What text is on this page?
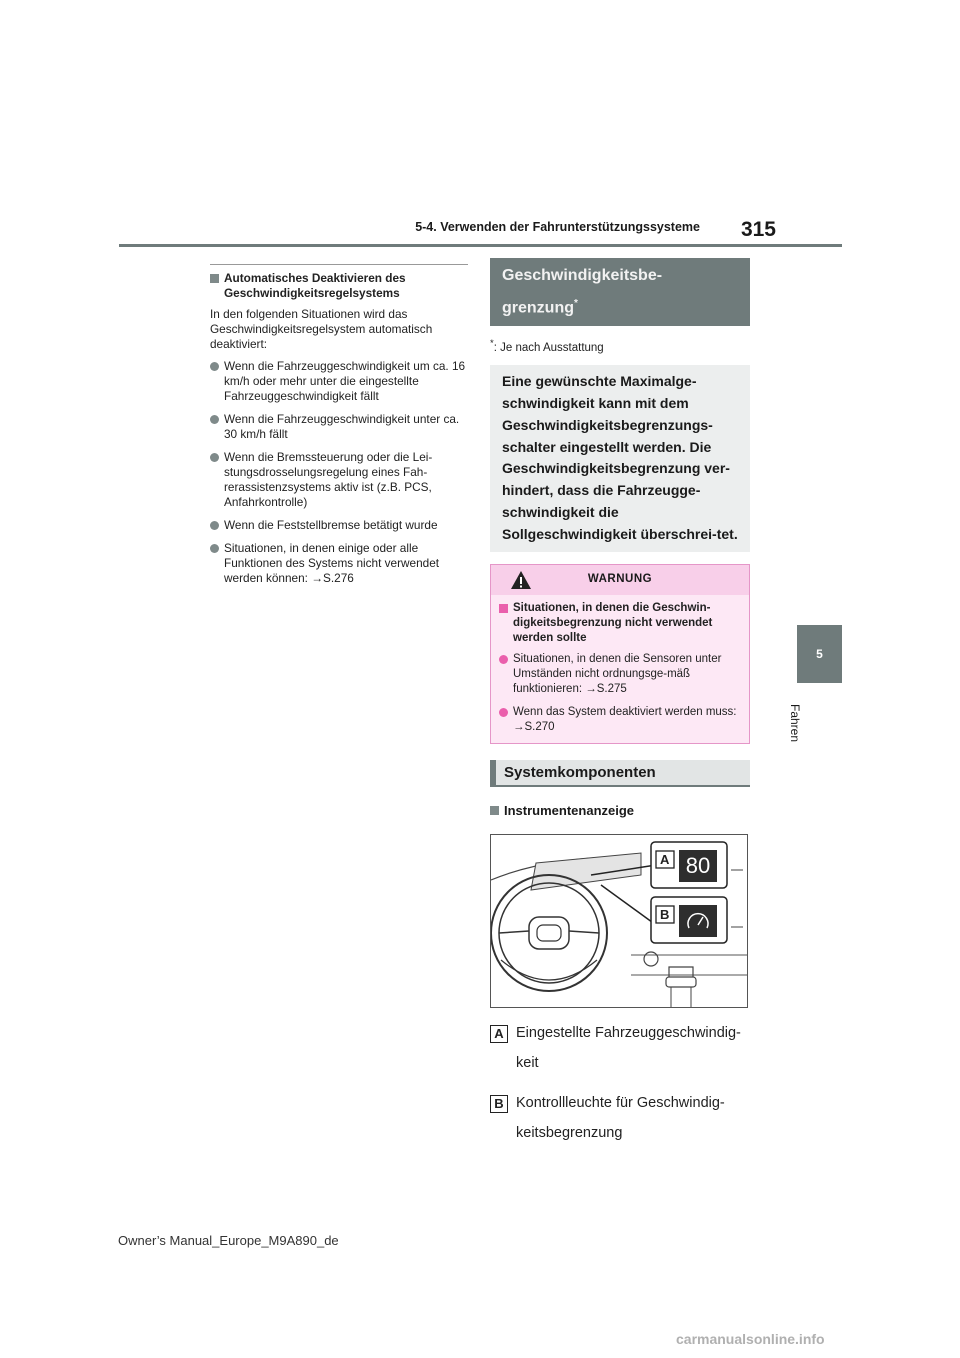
5-4. Verwenden der Fahrunterstützungssysteme 315
5
Fahren
Automatisches Deaktivieren des Geschwindigkeitsregelsystems
In den folgenden Situationen wird das Geschwindigkeitsregelsystem automatisch deaktiviert:
Wenn die Fahrzeuggeschwindigkeit um ca. 16 km/h oder mehr unter die eingestellte Fahrzeuggeschwindigkeit fällt
Wenn die Fahrzeuggeschwindigkeit unter ca. 30 km/h fällt
Wenn die Bremssteuerung oder die Lei-stungsdrosselungsregelung eines Fah-rerassistenzsystems aktiv ist (z.B. PCS, Anfahrkontrolle)
Wenn die Feststellbremse betätigt wurde
Situationen, in denen einige oder alle Funktionen des Systems nicht verwendet werden können: →S.276
Geschwindigkeitsbe-
grenzung*
*: Je nach Ausstattung
Eine gewünschte Maximalge-schwindigkeit kann mit dem Geschwindigkeitsbegrenzungs-schalter eingestellt werden. Die Geschwindigkeitsbegrenzung ver-hindert, dass die Fahrzeugge-schwindigkeit die Sollgeschwindigkeit überschrei-tet.
WARNUNG
Situationen, in denen die Geschwin-digkeitsbegrenzung nicht verwendet werden sollte
Situationen, in denen die Sensoren unter Umständen nicht ordnungsge-mäß funktionieren: →S.275
Wenn das System deaktiviert werden muss: →S.270
Systemkomponenten
Instrumentenanzeige
A
B
80
A Eingestellte Fahrzeuggeschwindig-
keit
B Kontrollleuchte für Geschwindig-
keitsbegrenzung
Owner’s Manual_Europe_M9A890_de
carmanualsonline.info
